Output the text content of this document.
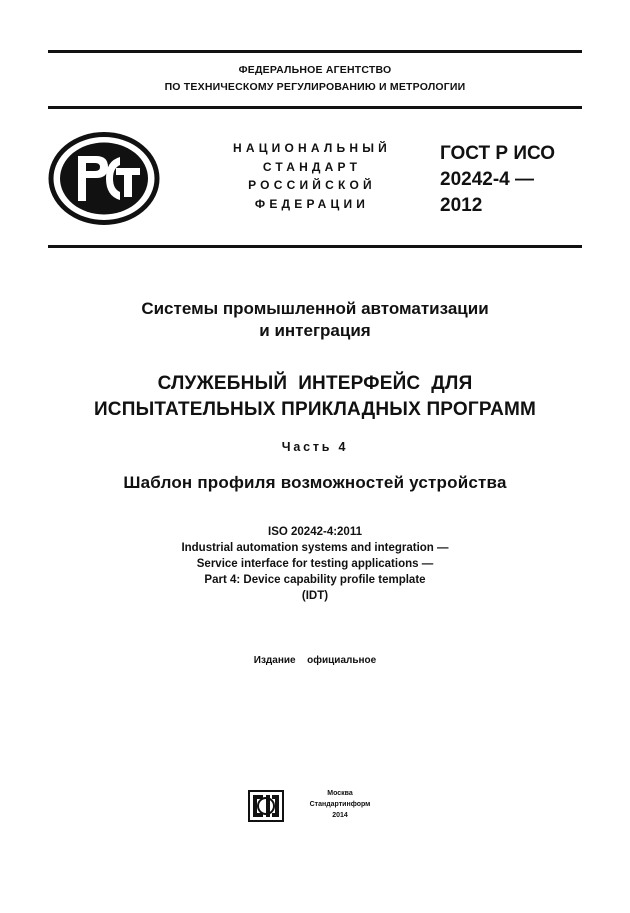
ФЕДЕРАЛЬНОЕ АГЕНТСТВО
ПО ТЕХНИЧЕСКОМУ РЕГУЛИРОВАНИЮ И МЕТРОЛОГИИ
НАЦИОНАЛЬНЫЙ
СТАНДАРТ
РОССИЙСКОЙ
ФЕДЕРАЦИИ
ГОСТ Р ИСО
20242-4 —
2012
Системы промышленной автоматизации
и интеграция
СЛУЖЕБНЫЙ  ИНТЕРФЕЙС  ДЛЯ
ИСПЫТАТЕЛЬНЫХ ПРИКЛАДНЫХ ПРОГРАММ
Часть 4
Шаблон профиля возможностей устройства
ISO 20242-4:2011
Industrial automation systems and integration —
Service interface for testing applications —
Part 4: Device capability profile template
(IDT)
Издание  официальное
Москва
Стандартинформ
2014
